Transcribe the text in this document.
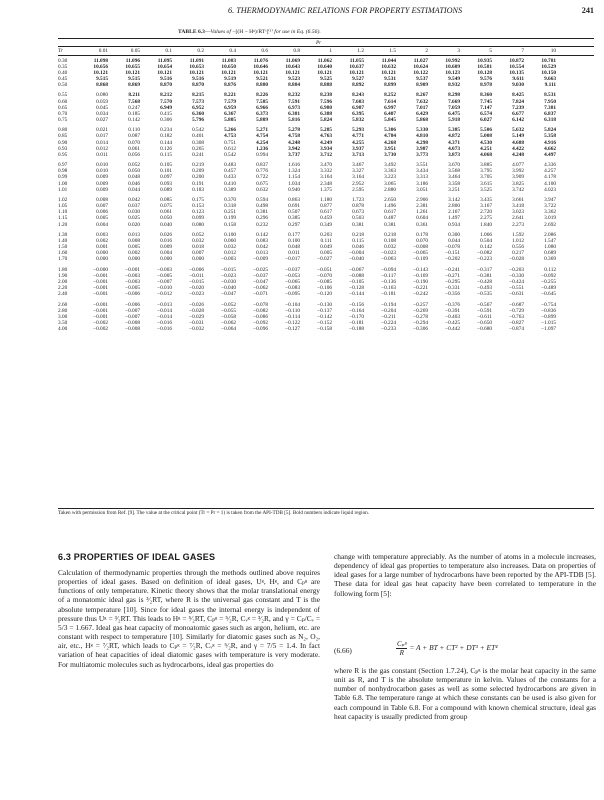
6. THERMODYNAMIC RELATIONS FOR PROPERTY ESTIMATIONS	241
TABLE 6.3—Values of −[(H − Hᵍ)/RTᶜ]⁽¹⁾ for use in Eq. (6.56).
Pr
Tr	0.01	0.05	0.1	0.2	0.4	0.6	0.8	1	1.2	1.5	2	3	5	7	10
0.30	11.098	11.096	11.095	11.091	11.083	11.076	11.069	11.062	11.055	11.044	11.027	10.992	10.935	10.872	10.781
0.35	10.656	10.655	10.654	10.653	10.650	10.646	10.643	10.640	10.637	10.632	10.624	10.609	10.581	10.554	10.529
0.40	10.121	10.121	10.121	10.121	10.121	10.121	10.121	10.121	10.121	10.121	10.122	10.123	10.128	10.135	10.150
0.45	9.515	9.515	9.516	9.516	9.519	9.521	9.523	9.525	9.527	9.531	9.537	9.549	9.576	9.611	9.663
0.50	8.868	8.869	8.870	8.870	8.876	8.880	8.884	8.888	8.892	8.899	8.909	8.932	8.978	9.030	9.111
0.55	0.080	8.211	8.212	8.215	8.221	8.226	8.232	8.238	8.243	8.252	8.267	8.298	8.360	8.425	8.531
0.60	0.059	7.568	7.570	7.573	7.579	7.585	7.591	7.596	7.603	7.614	7.632	7.669	7.745	7.824	7.950
0.65	0.045	0.247	6.949	6.952	6.959	6.966	6.973	6.980	6.987	6.997	7.017	7.059	7.147	7.239	7.381
0.70	0.034	0.185	0.415	6.360	6.367	6.373	6.381	6.388	6.395	6.407	6.429	6.475	6.574	6.677	6.837
0.75	0.027	0.142	0.306	5.796	5.805	5.809	5.816	5.824	5.832	5.845	5.868	5.918	6.027	6.142	6.318
0.80	0.021	0.110	0.234	0.542	5.266	5.271	5.278	5.285	5.293	5.306	5.330	5.385	5.506	5.632	5.824
0.85	0.017	0.087	0.182	0.401	4.753	4.754	4.758	4.763	4.771	4.784	4.810	4.872	5.008	5.149	5.358
0.90	0.014	0.070	0.144	0.308	0.751	4.254	4.248	4.249	4.255	4.268	4.298	4.371	4.530	4.688	4.916
0.93	0.012	0.061	0.126	0.265	0.612	1.236	3.942	3.934	3.937	3.951	3.987	4.073	4.251	4.422	4.662
0.95	0.011	0.056	0.115	0.241	0.542	0.994	3.737	3.712	3.713	3.730	3.773	3.873	4.068	4.248	4.497
0.97	0.010	0.052	0.105	0.219	0.483	0.837	1.616	3.470	3.467	3.492	3.551	3.670	3.885	4.077	4.336
0.98	0.010	0.050	0.101	0.209	0.457	0.776	1.324	3.332	3.327	3.363	3.434	3.568	3.795	3.992	4.257
0.99	0.009	0.048	0.097	0.200	0.433	0.722	1.154	3.164	3.164	3.223	3.313	3.464	3.705	3.909	4.178
1.00	0.009	0.046	0.093	0.191	0.410	0.675	1.034	2.348	2.952	3.065	3.186	3.358	3.615	3.825	4.100
1.01	0.009	0.044	0.089	0.183	0.389	0.632	0.940	1.375	2.595	2.880	3.051	3.251	3.525	3.742	4.023
1.02	0.008	0.042	0.085	0.175	0.370	0.594	0.863	1.180	1.723	2.650	2.906	3.142	3.435	3.661	3.947
1.05	0.007	0.037	0.075	0.153	0.318	0.498	0.691	0.877	0.878	1.496	2.381	2.800	3.167	3.418	3.722
1.10	0.006	0.030	0.061	0.123	0.251	0.381	0.507	0.617	0.673	0.617	1.261	2.167	2.720	3.023	3.362
1.15	0.005	0.025	0.050	0.099	0.199	0.296	0.385	0.459	0.503	0.487	0.604	1.497	2.275	2.641	3.019
1.20	0.004	0.020	0.040	0.080	0.158	0.232	0.297	0.349	0.381	0.381	0.361	0.934	1.840	2.273	2.692
1.30	0.003	0.013	0.026	0.052	0.100	0.142	0.177	0.203	0.218	0.218	0.178	0.300	1.066	1.592	2.086
1.40	0.002	0.008	0.016	0.032	0.060	0.083	0.100	0.111	0.115	0.108	0.070	0.044	0.504	1.012	1.547
1.50	0.001	0.005	0.009	0.018	0.032	0.042	0.048	0.049	0.046	0.032	−0.008	−0.078	0.142	0.556	1.080
1.60	0.000	0.002	0.004	0.007	0.012	0.013	0.011	0.005	−0.004	−0.023	−0.065	−0.151	−0.082	0.217	0.689
1.70	0.000	0.000	0.000	0.000	−0.003	−0.009	−0.017	−0.027	−0.040	−0.063	−0.109	−0.202	−0.223	−0.028	0.369
1.80	−0.000	−0.001	−0.003	−0.006	−0.015	−0.025	−0.037	−0.051	−0.067	−0.094	−0.143	−0.241	−0.317	−0.203	0.112
1.90	−0.001	−0.003	−0.005	−0.011	−0.023	−0.037	−0.053	−0.070	−0.088	−0.117	−0.169	−0.271	−0.381	−0.330	−0.092
2.00	−0.001	−0.003	−0.007	−0.015	−0.030	−0.047	−0.065	−0.085	−0.105	−0.136	−0.190	−0.295	−0.428	−0.424	−0.255
2.20	−0.001	−0.005	−0.010	−0.020	−0.040	−0.062	−0.083	−0.106	−0.128	−0.163	−0.221	−0.331	−0.493	−0.551	−0.489
2.40	−0.001	−0.006	−0.012	−0.023	−0.047	−0.071	−0.095	−0.120	−0.144	−0.181	−0.242	−0.356	−0.535	−0.631	−0.645
2.60	−0.001	−0.006	−0.013	−0.026	−0.052	−0.078	−0.104	−0.130	−0.156	−0.194	−0.257	−0.376	−0.567	−0.687	−0.754
2.80	−0.001	−0.007	−0.014	−0.028	−0.055	−0.082	−0.110	−0.137	−0.164	−0.204	−0.269	−0.391	−0.591	−0.729	−0.836
3.00	−0.001	−0.007	−0.014	−0.029	−0.058	−0.086	−0.114	−0.142	−0.170	−0.211	−0.278	−0.403	−0.611	−0.763	−0.899
3.50	−0.002	−0.008	−0.016	−0.031	−0.062	−0.092	−0.122	−0.152	−0.181	−0.224	−0.294	−0.425	−0.650	−0.827	−1.015
4.00	−0.002	−0.008	−0.016	−0.032	−0.064	−0.096	−0.127	−0.158	−0.188	−0.233	−0.306	−0.442	−0.680	−0.874	−1.097
Taken with permission from Ref. [9]. The value at the critical point (Tr = Pr = 1) is taken from the API-TDB [5]. Bold numbers indicate liquid region.
6.3 PROPERTIES OF IDEAL GASES
Calculation of thermodynamic properties through the methods outlined above requires properties of ideal gases. Based on definition of ideal gases, Uᵍ, Hᵍ, and Cₚᵍ are functions of only temperature. Kinetic theory shows that the molar translational energy of a monatomic ideal gas is ³⁄₂RT, where R is the universal gas constant and T is the absolute temperature [10]. Since for ideal gases the internal energy is independent of pressure thus Uᵍ = ³⁄₂RT. This leads to Hᵍ = ⁵⁄₂RT, Cₚᵍ = ⁵⁄₂R, Cᵥᵍ = ³⁄₂R, and γ = Cₚ/Cᵥ = 5/3 = 1.667. Ideal gas heat capacity of monoatomic gases such as argon, helium, etc. are constant with respect to temperature [10]. Similarly for diatomic gases such as N₂, O₂, air, etc., Hᵍ = ⁷⁄₂RT, which leads to Cₚᵍ = ⁷⁄₂R, Cᵥᵍ = ⁵⁄₂R, and γ = 7/5 = 1.4. In fact variation of heat capacities of ideal diatomic gases with temperature is very moderate. For multiatomic molecules such as hydrocarbons, ideal gas properties do
change with temperature appreciably. As the number of atoms in a molecule increases, dependency of ideal gas properties to temperature also increases. Data on properties of ideal gases for a large number of hydrocarbons have been reported by the API-TDB [5]. These data for ideal gas heat capacity have been correlated to temperature in the following form [5]:
(6.66)	$\frac{\text{Cₚᵍ}}{R} = A$ + BT + CT² + DT³ + ET⁴
where R is the gas constant (Section 1.7.24), Cₚᵍ is the molar heat capacity in the same unit as R, and T is the absolute temperature in kelvin. Values of the constants for a number of nonhydrocarbon gases as well as some selected hydrocarbons are given in Table 6.8. The temperature range at which these constants can be used is also given for each compound in Table 6.8. For a compound with known chemical structure, ideal gas heat capacity is usually predicted from group
